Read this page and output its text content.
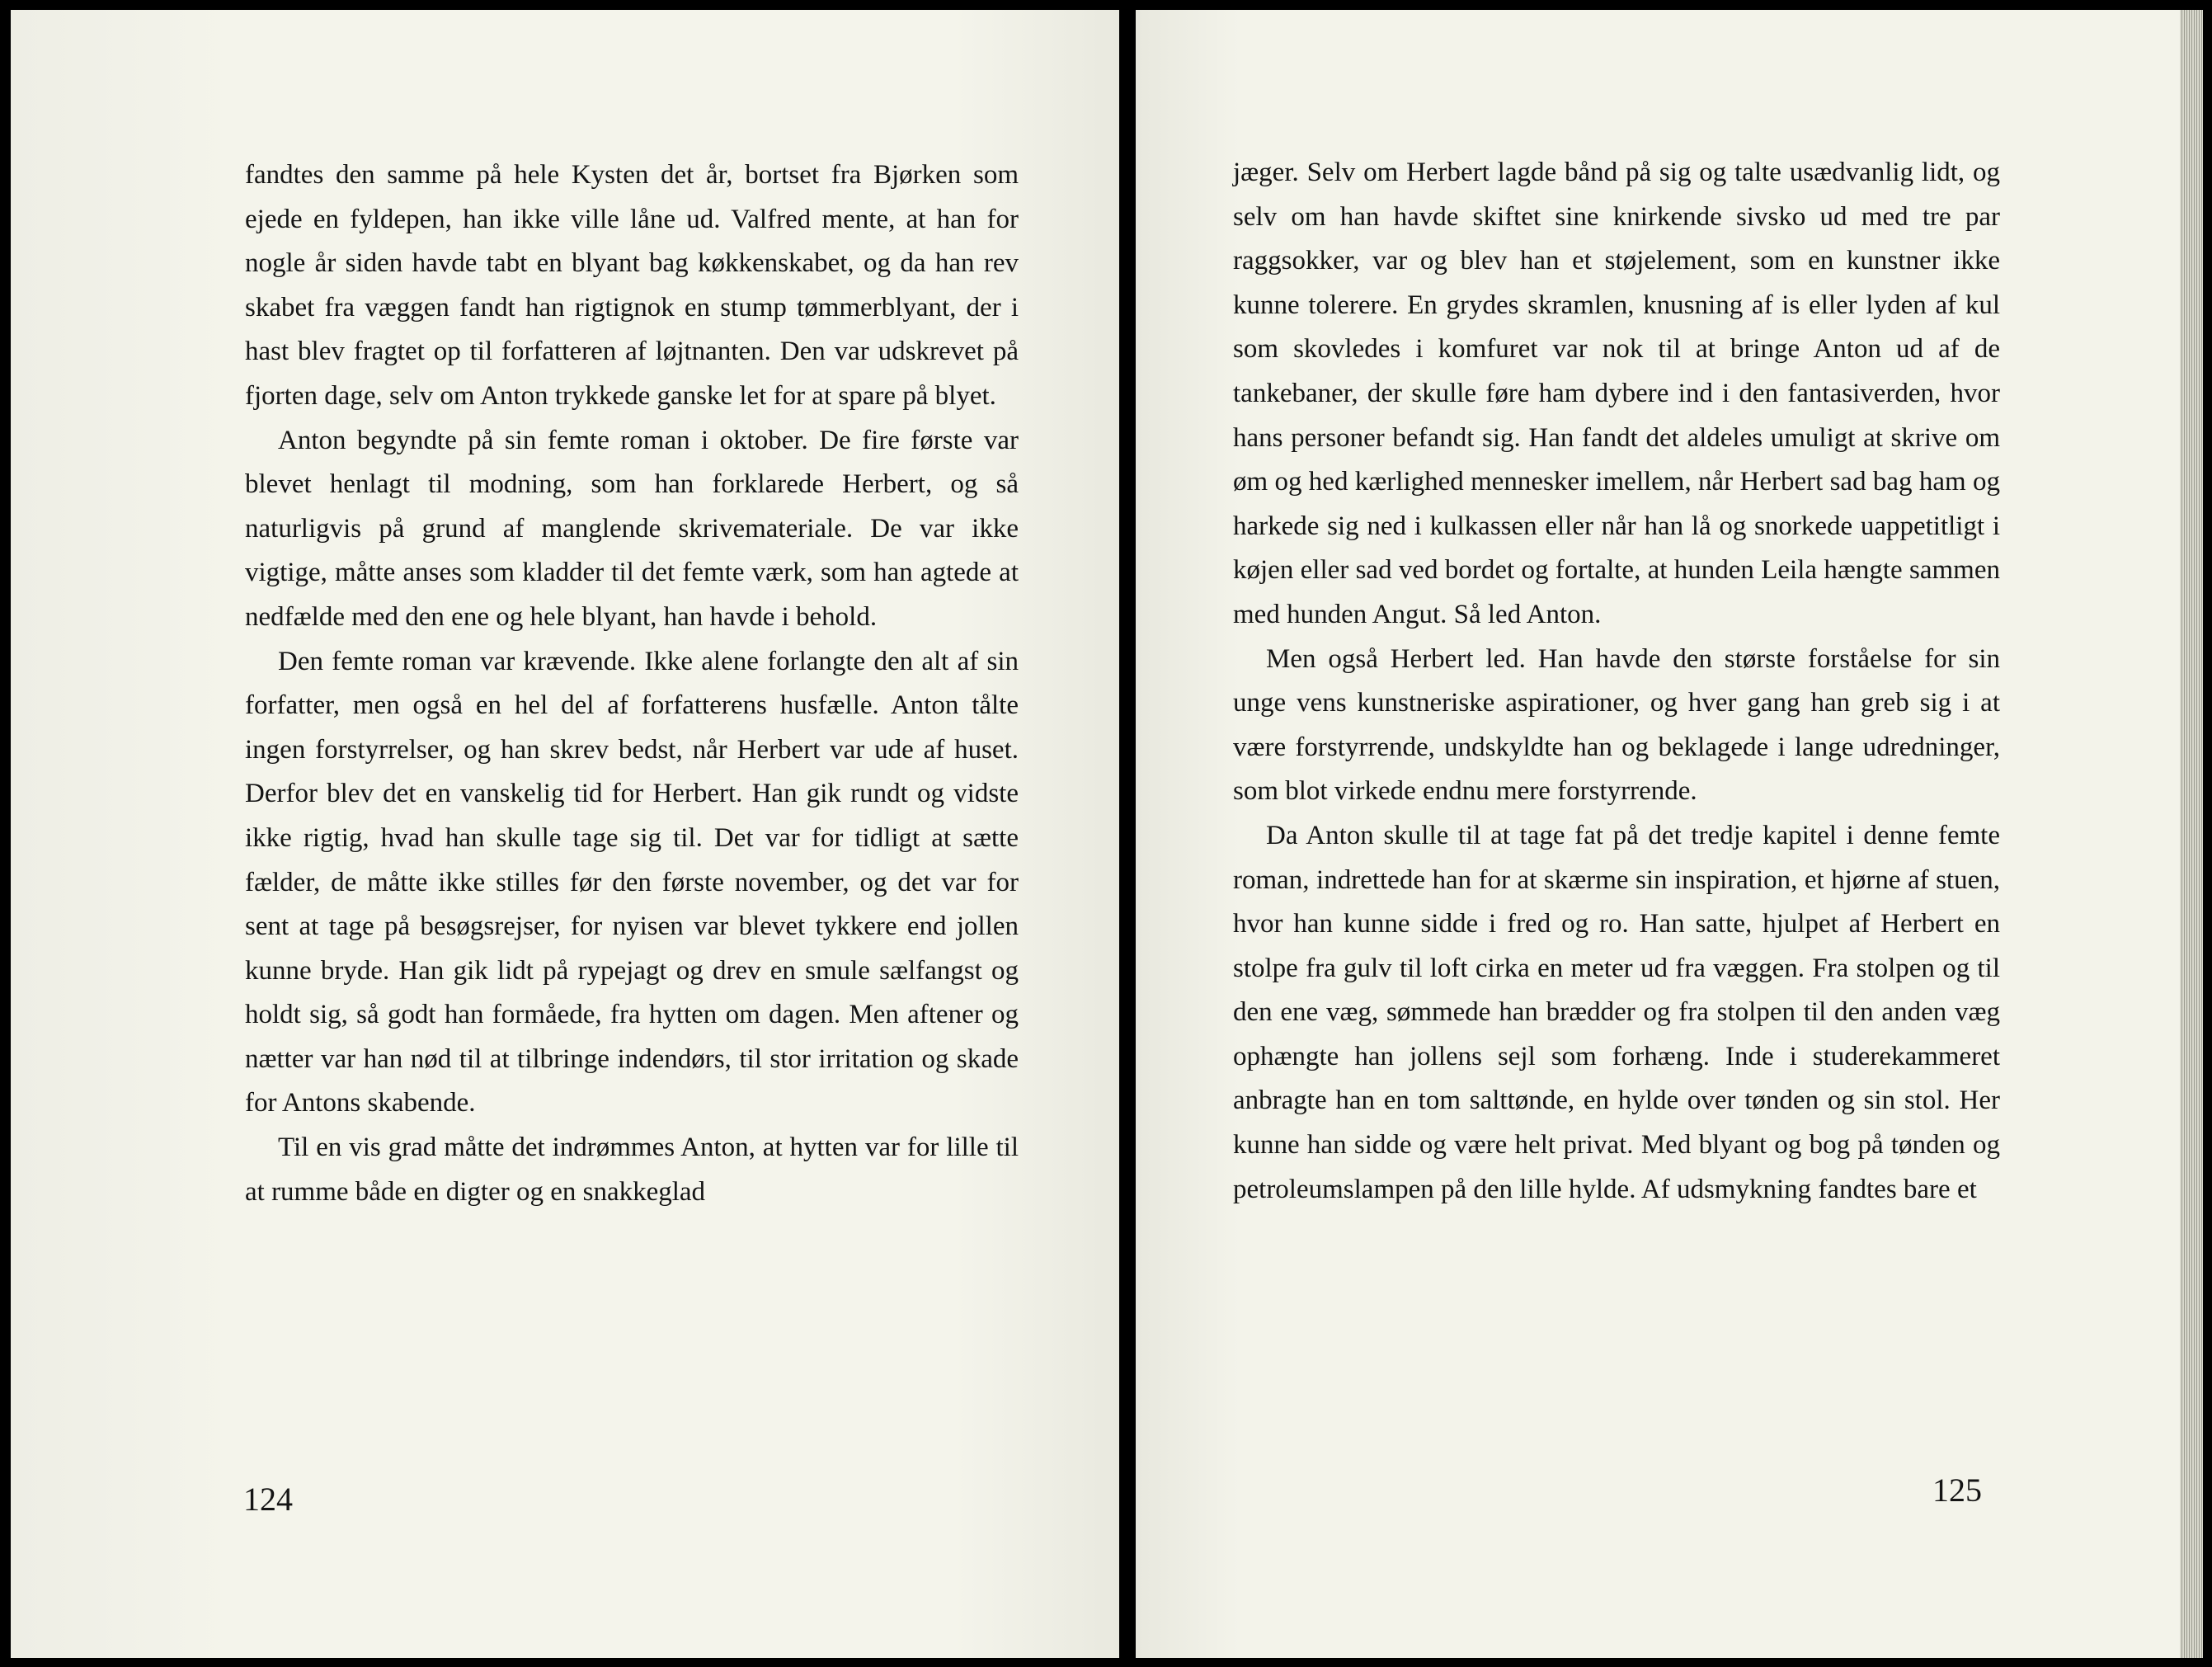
fandtes den samme på hele Kysten det år, bortset fra Bjørken som ejede en fyldepen, han ikke ville låne ud. Valfred mente, at han for nogle år siden havde tabt en blyant bag køkkenskabet, og da han rev skabet fra væggen fandt han rigtignok en stump tømmerblyant, der i hast blev fragtet op til forfatteren af løjtnanten. Den var udskrevet på fjorten dage, selv om Anton trykkede ganske let for at spare på blyet.

Anton begyndte på sin femte roman i oktober. De fire første var blevet henlagt til modning, som han forklarede Herbert, og så naturligvis på grund af manglende skrivemateriale. De var ikke vigtige, måtte anses som kladder til det femte værk, som han agtede at nedfælde med den ene og hele blyant, han havde i behold.

Den femte roman var krævende. Ikke alene forlangte den alt af sin forfatter, men også en hel del af forfatterens husfælle. Anton tålte ingen forstyrrelser, og han skrev bedst, når Herbert var ude af huset. Derfor blev det en vanskelig tid for Herbert. Han gik rundt og vidste ikke rigtig, hvad han skulle tage sig til. Det var for tidligt at sætte fælder, de måtte ikke stilles før den første november, og det var for sent at tage på besøgsrejser, for nyisen var blevet tykkere end jollen kunne bryde. Han gik lidt på rypejagt og drev en smule sælfangst og holdt sig, så godt han formåede, fra hytten om dagen. Men aftener og nætter var han nød til at tilbringe indendørs, til stor irritation og skade for Antons skabende.

Til en vis grad måtte det indrømmes Anton, at hytten var for lille til at rumme både en digter og en snakkeglad

124

jæger. Selv om Herbert lagde bånd på sig og talte usædvanlig lidt, og selv om han havde skiftet sine knirkende sivsko ud med tre par raggsokker, var og blev han et støjelement, som en kunstner ikke kunne tolerere. En grydes skramlen, knusning af is eller lyden af kul som skovledes i komfuret var nok til at bringe Anton ud af de tankebaner, der skulle føre ham dybere ind i den fantasiverden, hvor hans personer befandt sig. Han fandt det aldeles umuligt at skrive om øm og hed kærlighed mennesker imellem, når Herbert sad bag ham og harkede sig ned i kulkassen eller når han lå og snorkede uappetitligt i køjen eller sad ved bordet og fortalte, at hunden Leila hængte sammen med hunden Angut. Så led Anton.

Men også Herbert led. Han havde den største forståelse for sin unge vens kunstneriske aspirationer, og hver gang han greb sig i at være forstyrrende, undskyldte han og beklagede i lange udredninger, som blot virkede endnu mere forstyrrende.

Da Anton skulle til at tage fat på det tredje kapitel i denne femte roman, indrettede han for at skærme sin inspiration, et hjørne af stuen, hvor han kunne sidde i fred og ro. Han satte, hjulpet af Herbert en stolpe fra gulv til loft cirka en meter ud fra væggen. Fra stolpen og til den ene væg, sømmede han brædder og fra stolpen til den anden væg ophængte han jollens sejl som forhæng. Inde i studerekammeret anbragte han en tom salttønde, en hylde over tønden og sin stol. Her kunne han sidde og være helt privat. Med blyant og bog på tønden og petroleumslampen på den lille hylde. Af udsmykning fandtes bare et

125
